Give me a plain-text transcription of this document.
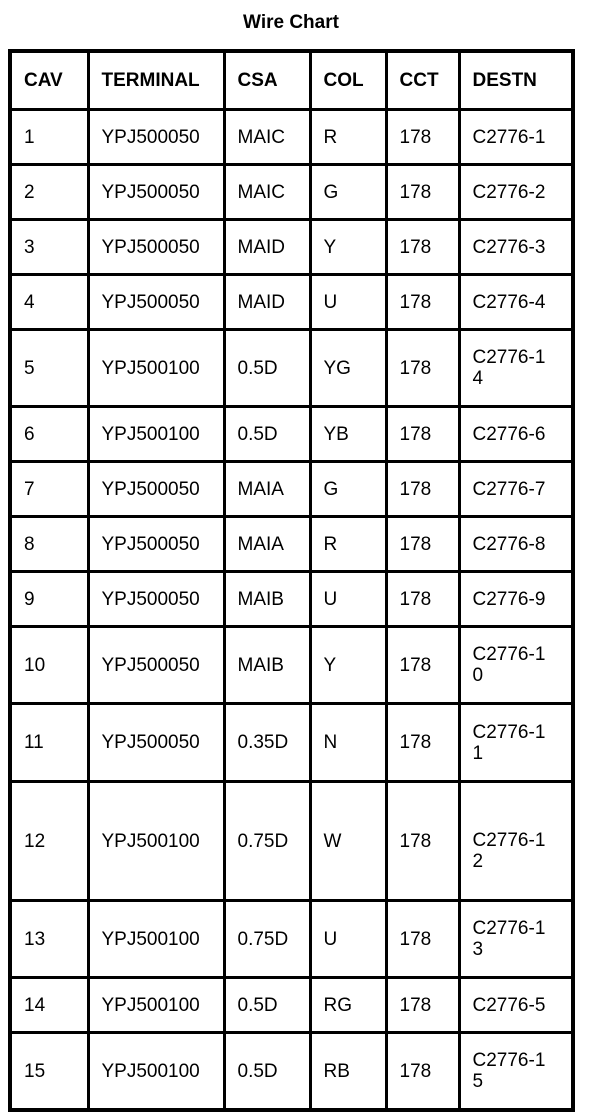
Wire Chart
CAV	TERMINAL	CSA	COL	CCT	DESTN
1	YPJ500050	MAIC	R	178	C2776-1
2	YPJ500050	MAIC	G	178	C2776-2
3	YPJ500050	MAID	Y	178	C2776-3
4	YPJ500050	MAID	U	178	C2776-4
5	YPJ500100	0.5D	YG	178	C2776-14
6	YPJ500100	0.5D	YB	178	C2776-6
7	YPJ500050	MAIA	G	178	C2776-7
8	YPJ500050	MAIA	R	178	C2776-8
9	YPJ500050	MAIB	U	178	C2776-9
10	YPJ500050	MAIB	Y	178	C2776-10
11	YPJ500050	0.35D	N	178	C2776-11
12	YPJ500100	0.75D	W	178	C2776-12
13	YPJ500100	0.75D	U	178	C2776-13
14	YPJ500100	0.5D	RG	178	C2776-5
15	YPJ500100	0.5D	RB	178	C2776-15
